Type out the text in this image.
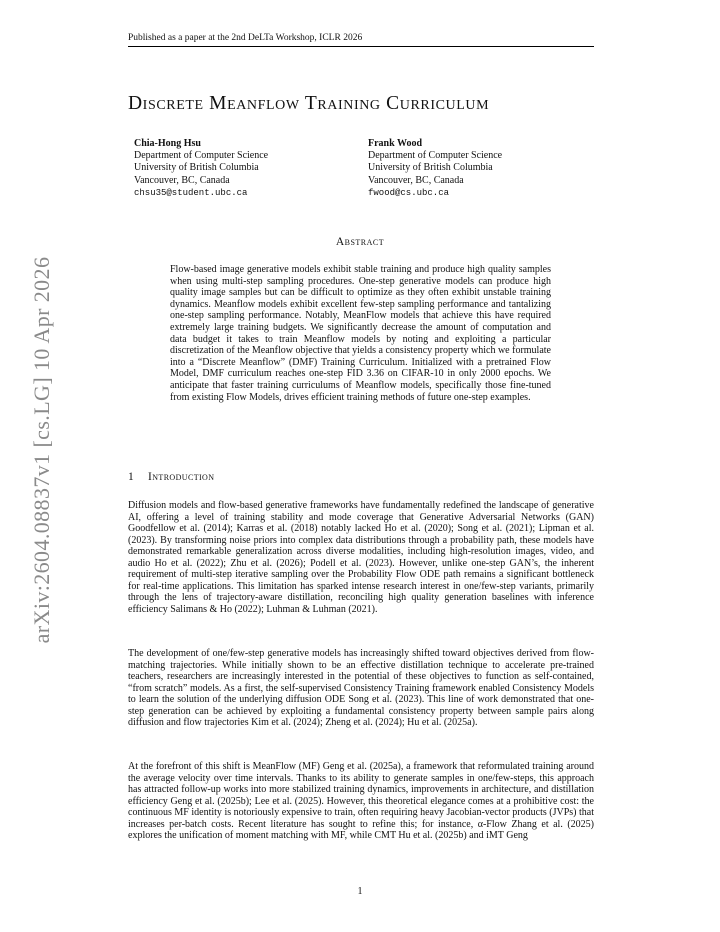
Published as a paper at the 2nd DeLTa Workshop, ICLR 2026
arXiv:2604.08837v1 [cs.LG] 10 Apr 2026
Discrete Meanflow Training Curriculum
Chia-Hong Hsu
Department of Computer Science
University of British Columbia
Vancouver, BC, Canada
chsu35@student.ubc.ca
Frank Wood
Department of Computer Science
University of British Columbia
Vancouver, BC, Canada
fwood@cs.ubc.ca
Abstract
Flow-based image generative models exhibit stable training and produce high quality samples when using multi-step sampling procedures. One-step generative models can produce high quality image samples but can be difficult to optimize as they often exhibit unstable training dynamics. Meanflow models exhibit excellent few-step sampling performance and tantalizing one-step sampling performance. Notably, MeanFlow models that achieve this have required extremely large training budgets. We significantly decrease the amount of computation and data budget it takes to train Meanflow models by noting and exploiting a particular discretization of the Meanflow objective that yields a consistency property which we formulate into a “Discrete Meanflow” (DMF) Training Curriculum. Initialized with a pretrained Flow Model, DMF curriculum reaches one-step FID 3.36 on CIFAR-10 in only 2000 epochs. We anticipate that faster training curriculums of Meanflow models, specifically those fine-tuned from existing Flow Models, drives efficient training methods of future one-step examples.
1 Introduction
Diffusion models and flow-based generative frameworks have fundamentally redefined the landscape of generative AI, offering a level of training stability and mode coverage that Generative Adversarial Networks (GAN) Goodfellow et al. (2014); Karras et al. (2018) notably lacked Ho et al. (2020); Song et al. (2021); Lipman et al. (2023). By transforming noise priors into complex data distributions through a probability path, these models have demonstrated remarkable generalization across diverse modalities, including high-resolution images, video, and audio Ho et al. (2022); Zhu et al. (2026); Podell et al. (2023). However, unlike one-step GAN’s, the inherent requirement of multi-step iterative sampling over the Probability Flow ODE path remains a significant bottleneck for real-time applications. This limitation has sparked intense research interest in one/few-step variants, primarily through the lens of trajectory-aware distillation, reconciling high quality generation baselines with inference efficiency Salimans & Ho (2022); Luhman & Luhman (2021).
The development of one/few-step generative models has increasingly shifted toward objectives derived from flow-matching trajectories. While initially shown to be an effective distillation technique to accelerate pre-trained teachers, researchers are increasingly interested in the potential of these objectives to function as self-contained, “from scratch” models. As a first, the self-supervised Consistency Training framework enabled Consistency Models to learn the solution of the underlying diffusion ODE Song et al. (2023). This line of work demonstrated that one-step generation can be achieved by exploiting a fundamental consistency property between sample pairs along diffusion and flow trajectories Kim et al. (2024); Zheng et al. (2024); Hu et al. (2025a).
At the forefront of this shift is MeanFlow (MF) Geng et al. (2025a), a framework that reformulated training around the average velocity over time intervals. Thanks to its ability to generate samples in one/few-steps, this approach has attracted follow-up works into more stabilized training dynamics, improvements in architecture, and distillation efficiency Geng et al. (2025b); Lee et al. (2025). However, this theoretical elegance comes at a prohibitive cost: the continuous MF identity is notoriously expensive to train, often requiring heavy Jacobian-vector products (JVPs) that increases per-batch costs. Recent literature has sought to refine this; for instance, α-Flow Zhang et al. (2025) explores the unification of moment matching with MF, while CMT Hu et al. (2025b) and iMT Geng
1
